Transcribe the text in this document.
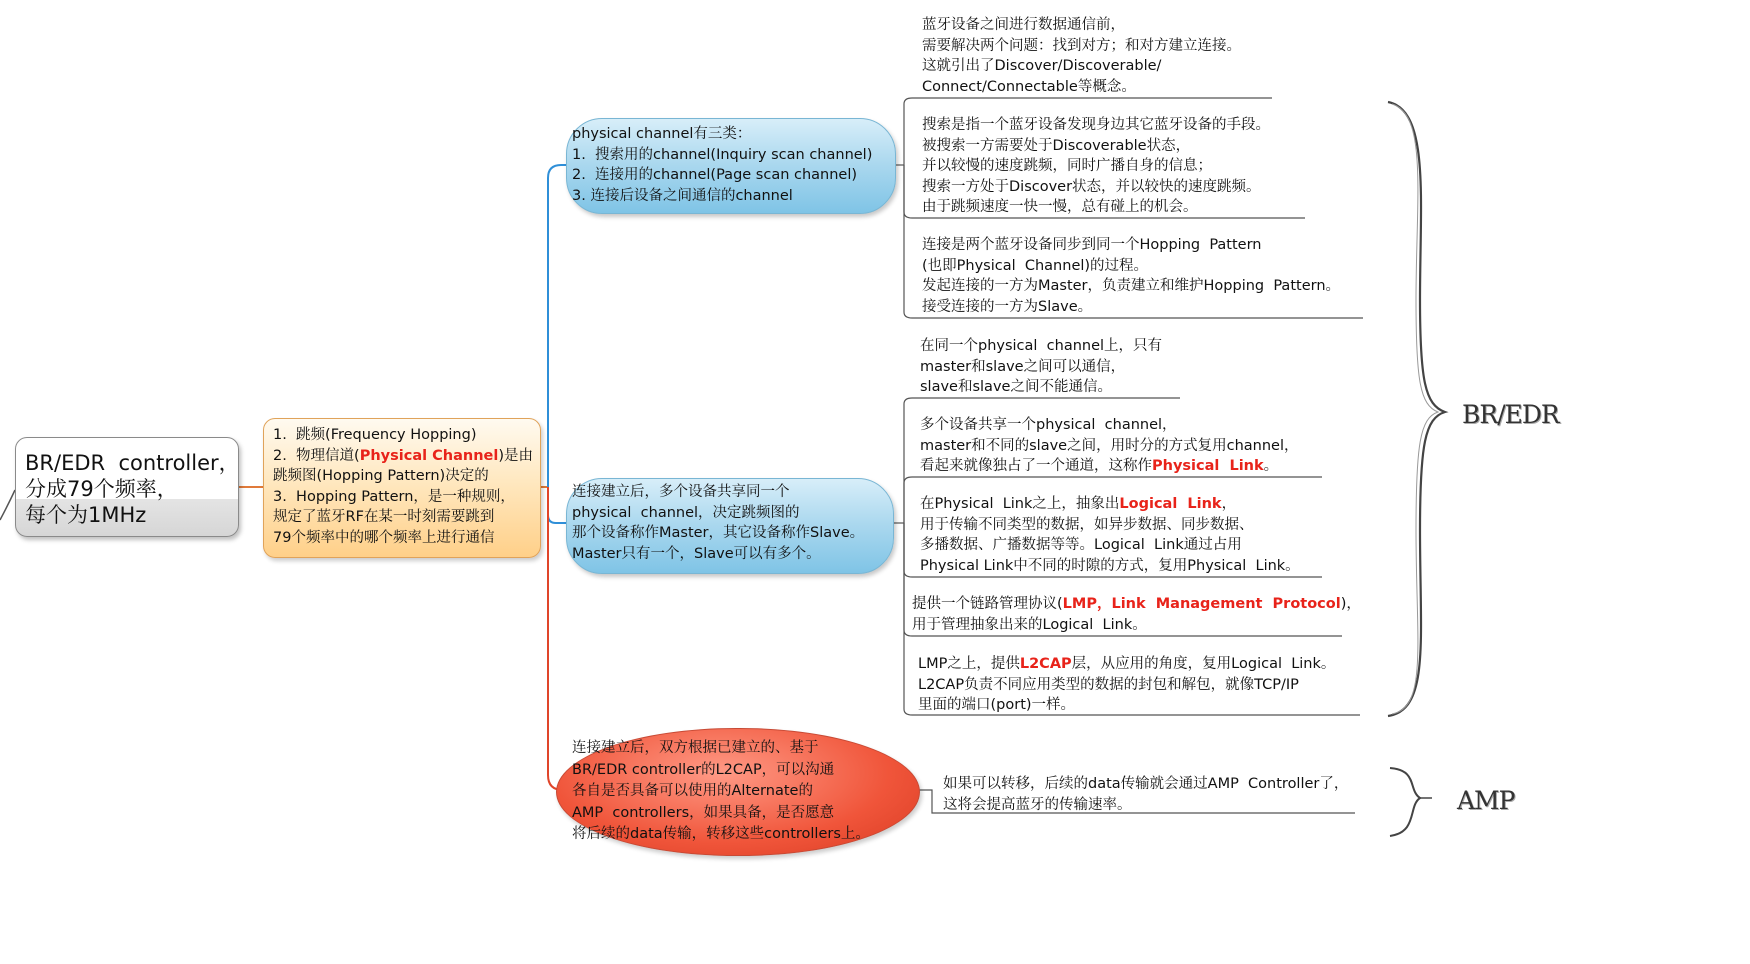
BR/EDR  controller，
分成79个频率，
每个为1MHz
1.  跳频(Frequency Hopping)
2.  物理信道(Physical Channel)是由
跳频图(Hopping Pattern)决定的
3.  Hopping Pattern，是一种规则，
规定了蓝牙RF在某一时刻需要跳到
79个频率中的哪个频率上进行通信
physical channel有三类：
1.  搜索用的channel(Inquiry scan channel)
2.  连接用的channel(Page scan channel)
3. 连接后设备之间通信的channel
连接建立后，多个设备共享同一个
physical  channel，决定跳频图的
那个设备称作Master，其它设备称作Slave。
Master只有一个，Slave可以有多个。
连接建立后，双方根据已建立的、基于
BR/EDR controller的L2CAP，可以沟通
各自是否具备可以使用的Alternate的
AMP  controllers，如果具备，是否愿意
将后续的data传输，转移这些controllers上。
蓝牙设备之间进行数据通信前，
需要解决两个问题：找到对方；和对方建立连接。
这就引出了Discover/Discoverable/
Connect/Connectable等概念。
搜索是指一个蓝牙设备发现身边其它蓝牙设备的手段。
被搜索一方需要处于Discoverable状态，
并以较慢的速度跳频，同时广播自身的信息；
搜索一方处于Discover状态，并以较快的速度跳频。
由于跳频速度一快一慢，总有碰上的机会。
连接是两个蓝牙设备同步到同一个Hopping  Pattern
(也即Physical  Channel)的过程。
发起连接的一方为Master，负责建立和维护Hopping  Pattern。
接受连接的一方为Slave。
在同一个physical  channel上，只有
master和slave之间可以通信，
slave和slave之间不能通信。
多个设备共享一个physical  channel，
master和不同的slave之间，用时分的方式复用channel，
看起来就像独占了一个通道，这称作Physical  Link。
在Physical  Link之上，抽象出Logical  Link，
用于传输不同类型的数据，如异步数据、同步数据、
多播数据、广播数据等等。Logical  Link通过占用
Physical Link中不同的时隙的方式，复用Physical  Link。
提供一个链路管理协议(LMP，Link  Management  Protocol)，
用于管理抽象出来的Logical  Link。
LMP之上，提供L2CAP层，从应用的角度，复用Logical  Link。
L2CAP负责不同应用类型的数据的封包和解包，就像TCP/IP
里面的端口(port)一样。
如果可以转移，后续的data传输就会通过AMP  Controller了，
这将会提高蓝牙的传输速率。
BR/EDR
AMP
